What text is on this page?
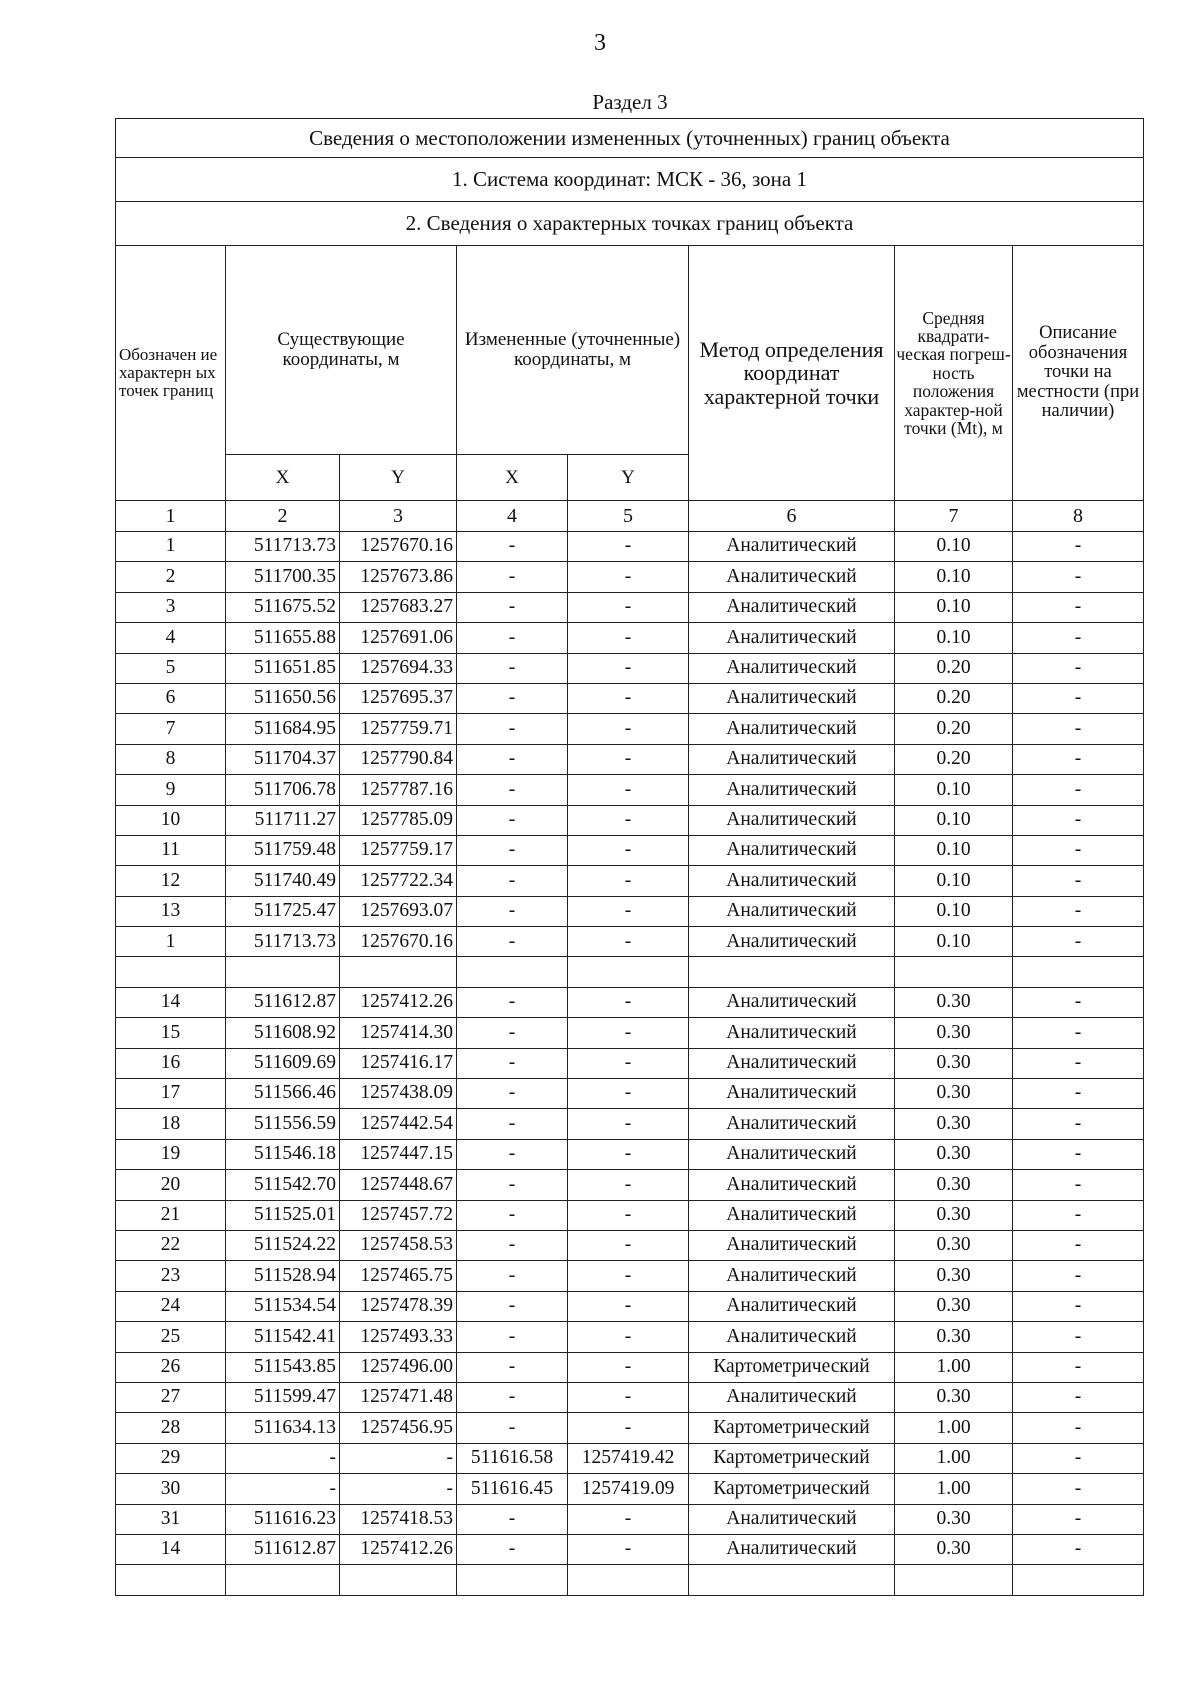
3
Раздел 3
Сведения о местоположении измененных (уточненных) границ объекта							
1. Система координат: МСК - 36, зона 1							
2. Сведения о характерных точках границ объекта							
Обозначен ие характерн ых точек границ	Существующие координаты, м		Измененные (уточненные) координаты, м		Метод определения координат характерной точки	Средняя квадрати-ческая погреш-ность положения характер-ной точки (Mt), м	Описание обозначения точки на местности (при наличии)
	X	Y	X	Y			
1	2	3	4	5	6	7	8
1	511713.73	1257670.16	-	-	Аналитический	0.10	-
2	511700.35	1257673.86	-	-	Аналитический	0.10	-
3	511675.52	1257683.27	-	-	Аналитический	0.10	-
4	511655.88	1257691.06	-	-	Аналитический	0.10	-
5	511651.85	1257694.33	-	-	Аналитический	0.20	-
6	511650.56	1257695.37	-	-	Аналитический	0.20	-
7	511684.95	1257759.71	-	-	Аналитический	0.20	-
8	511704.37	1257790.84	-	-	Аналитический	0.20	-
9	511706.78	1257787.16	-	-	Аналитический	0.10	-
10	511711.27	1257785.09	-	-	Аналитический	0.10	-
11	511759.48	1257759.17	-	-	Аналитический	0.10	-
12	511740.49	1257722.34	-	-	Аналитический	0.10	-
13	511725.47	1257693.07	-	-	Аналитический	0.10	-
1	511713.73	1257670.16	-	-	Аналитический	0.10	-

14	511612.87	1257412.26	-	-	Аналитический	0.30	-
15	511608.92	1257414.30	-	-	Аналитический	0.30	-
16	511609.69	1257416.17	-	-	Аналитический	0.30	-
17	511566.46	1257438.09	-	-	Аналитический	0.30	-
18	511556.59	1257442.54	-	-	Аналитический	0.30	-
19	511546.18	1257447.15	-	-	Аналитический	0.30	-
20	511542.70	1257448.67	-	-	Аналитический	0.30	-
21	511525.01	1257457.72	-	-	Аналитический	0.30	-
22	511524.22	1257458.53	-	-	Аналитический	0.30	-
23	511528.94	1257465.75	-	-	Аналитический	0.30	-
24	511534.54	1257478.39	-	-	Аналитический	0.30	-
25	511542.41	1257493.33	-	-	Аналитический	0.30	-
26	511543.85	1257496.00	-	-	Картометрический	1.00	-
27	511599.47	1257471.48	-	-	Аналитический	0.30	-
28	511634.13	1257456.95	-	-	Картометрический	1.00	-
29	-	-	511616.58	1257419.42	Картометрический	1.00	-
30	-	-	511616.45	1257419.09	Картометрический	1.00	-
31	511616.23	1257418.53	-	-	Аналитический	0.30	-
14	511612.87	1257412.26	-	-	Аналитический	0.30	-
